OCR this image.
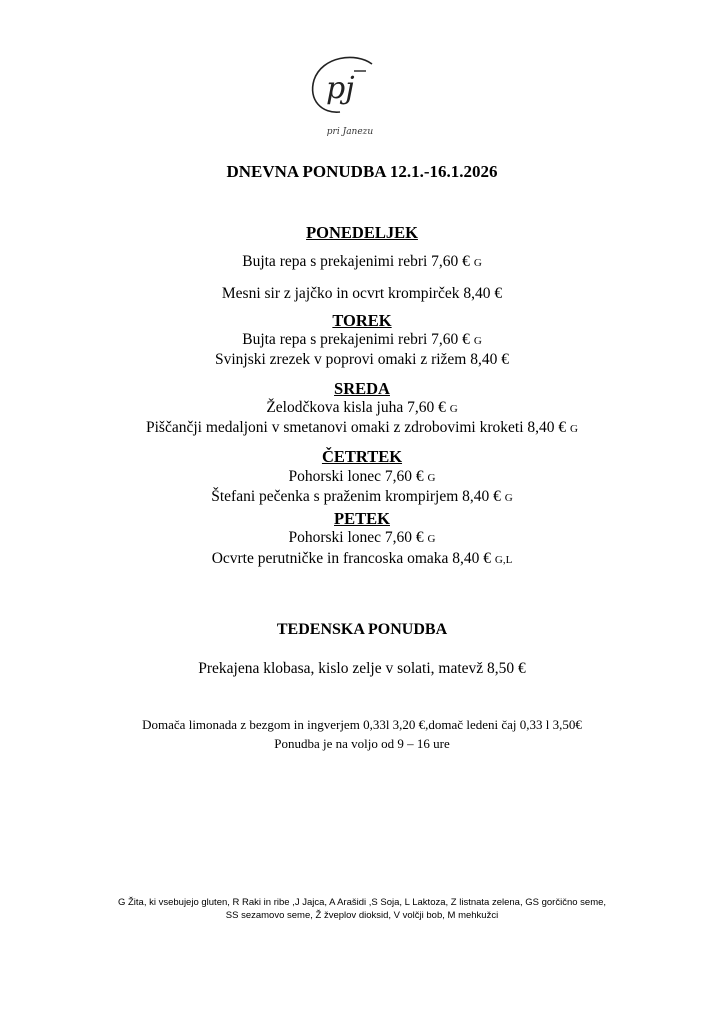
pj
pri Janezu
DNEVNA PONUDBA 12.1.-16.1.2026
PONEDELJEK
Bujta repa s prekajenimi rebri 7,60 € G
Mesni sir z jajčko in ocvrt krompirček 8,40 €
TOREK
Bujta repa s prekajenimi rebri 7,60 € G
Svinjski zrezek v poprovi omaki z rižem 8,40 €
SREDA
Želodčkova kisla juha 7,60 € G
Piščančji medaljoni v smetanovi omaki z zdrobovimi kroketi 8,40 € G
ČETRTEK
Pohorski lonec 7,60 € G
Štefani pečenka s praženim krompirjem 8,40 € G
PETEK
Pohorski lonec 7,60 € G
Ocvrte perutničke in francoska omaka 8,40 € G,L
TEDENSKA PONUDBA
Prekajena klobasa, kislo zelje v solati, matevž 8,50 €
Domača limonada z bezgom in ingverjem 0,33l 3,20 €,domač ledeni čaj 0,33 l 3,50€
Ponudba je na voljo od 9 – 16 ure
G Žita, ki vsebujejo gluten, R Raki in ribe ,J Jajca, A Arašidi ,S Soja, L Laktoza, Z listnata zelena, GS gorčično seme,
SS sezamovo seme, Ž žveplov dioksid, V volčji bob, M mehkužci
